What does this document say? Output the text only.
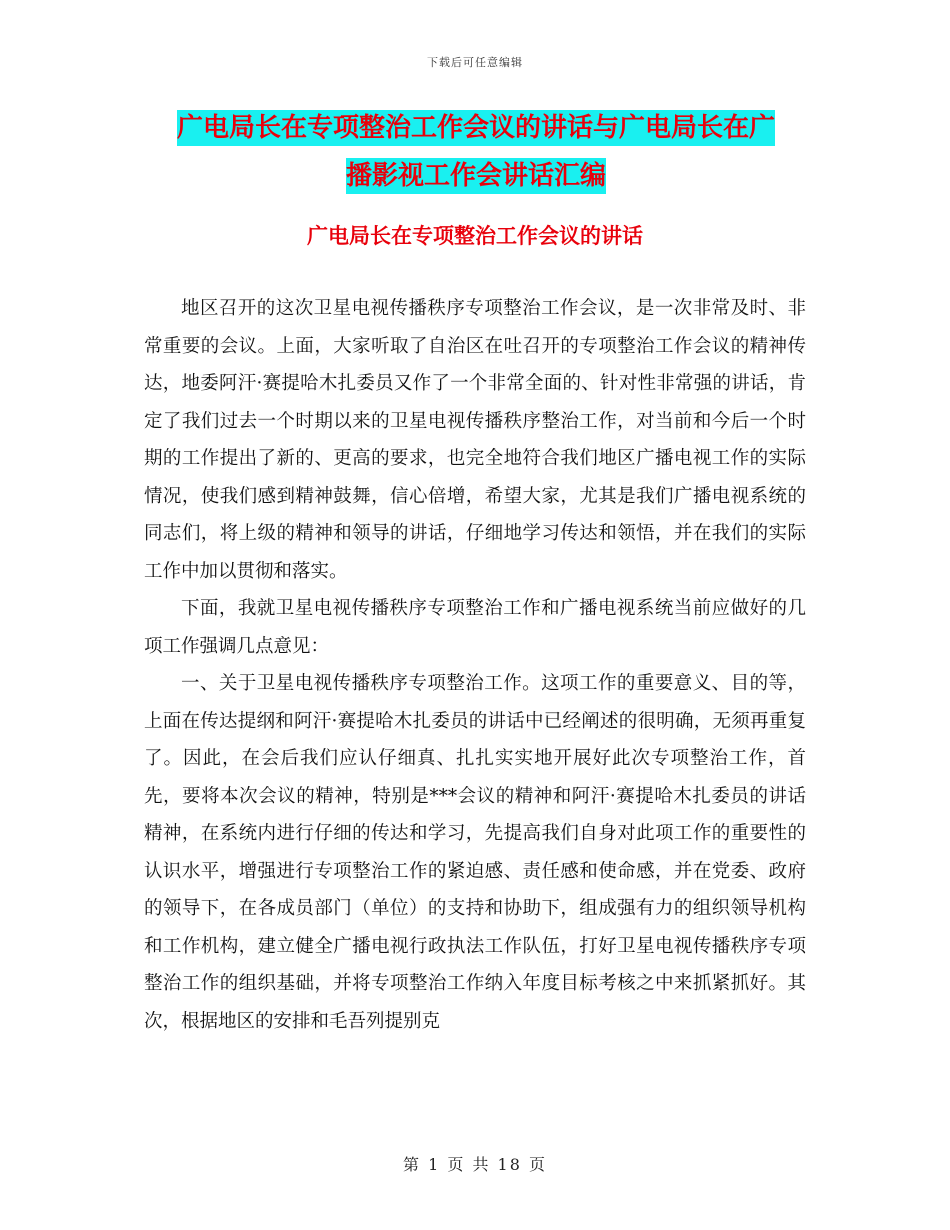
下载后可任意编辑
广电局长在专项整治工作会议的讲话与广电局长在广
播影视工作会讲话汇编
广电局长在专项整治工作会议的讲话

地区召开的这次卫星电视传播秩序专项整治工作会议，是一次非常及时、非常重要的会议。上面，大家听取了自治区在吐召开的专项整治工作会议的精神传达，地委阿汗·赛提哈木扎委员又作了一个非常全面的、针对性非常强的讲话，肯定了我们过去一个时期以来的卫星电视传播秩序整治工作，对当前和今后一个时期的工作提出了新的、更高的要求，也完全地符合我们地区广播电视工作的实际情况，使我们感到精神鼓舞，信心倍增，希望大家，尤其是我们广播电视系统的同志们，将上级的精神和领导的讲话，仔细地学习传达和领悟，并在我们的实际工作中加以贯彻和落实。

下面，我就卫星电视传播秩序专项整治工作和广播电视系统当前应做好的几项工作强调几点意见：

一、关于卫星电视传播秩序专项整治工作。这项工作的重要意义、目的等，上面在传达提纲和阿汗·赛提哈木扎委员的讲话中已经阐述的很明确，无须再重复了。因此，在会后我们应认仔细真、扎扎实实地开展好此次专项整治工作，首先，要将本次会议的精神，特别是***会议的精神和阿汗·赛提哈木扎委员的讲话精神，在系统内进行仔细的传达和学习，先提高我们自身对此项工作的重要性的认识水平，增强进行专项整治工作的紧迫感、责任感和使命感，并在党委、政府的领导下，在各成员部门（单位）的支持和协助下，组成强有力的组织领导机构和工作机构，建立健全广播电视行政执法工作队伍，打好卫星电视传播秩序专项整治工作的组织基础，并将专项整治工作纳入年度目标考核之中来抓紧抓好。其次，根据地区的安排和毛吾列提别克

第 1 页 共 18 页
